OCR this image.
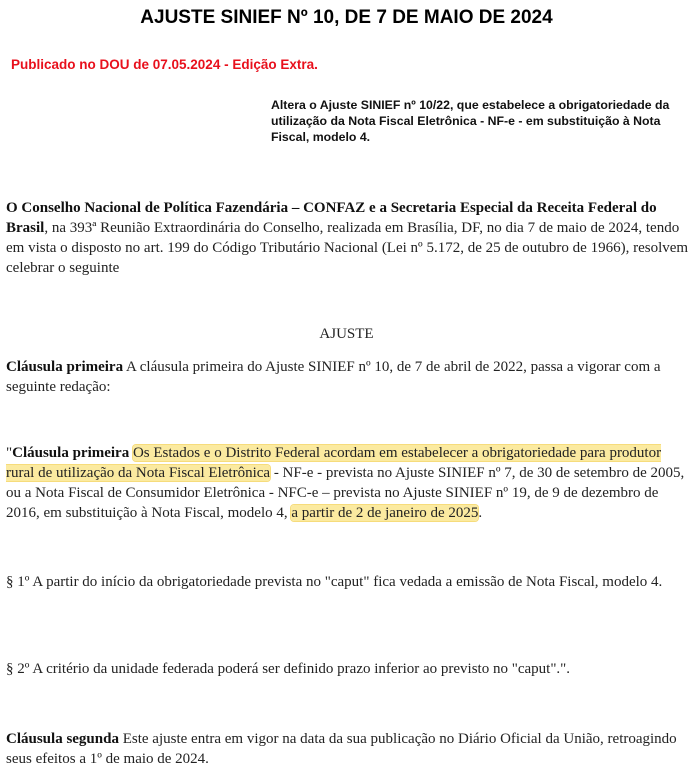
AJUSTE SINIEF Nº 10, DE 7 DE MAIO DE 2024
Publicado no DOU de 07.05.2024 - Edição Extra.
Altera o Ajuste SINIEF nº 10/22, que estabelece a obrigatoriedade da utilização da Nota Fiscal Eletrônica - NF-e - em substituição à Nota Fiscal, modelo 4.
O Conselho Nacional de Política Fazendária – CONFAZ e a Secretaria Especial da Receita Federal do Brasil, na 393ª Reunião Extraordinária do Conselho, realizada em Brasília, DF, no dia 7 de maio de 2024, tendo em vista o disposto no art. 199 do Código Tributário Nacional (Lei nº 5.172, de 25 de outubro de 1966), resolvem celebrar o seguinte
AJUSTE
Cláusula primeira A cláusula primeira do Ajuste SINIEF nº 10, de 7 de abril de 2022, passa a vigorar com a seguinte redação:
"Cláusula primeira Os Estados e o Distrito Federal acordam em estabelecer a obrigatoriedade para produtor rural de utilização da Nota Fiscal Eletrônica - NF-e - prevista no Ajuste SINIEF nº 7, de 30 de setembro de 2005, ou a Nota Fiscal de Consumidor Eletrônica - NFC-e – prevista no Ajuste SINIEF nº 19, de 9 de dezembro de 2016, em substituição à Nota Fiscal, modelo 4, a partir de 2 de janeiro de 2025.
§ 1º A partir do início da obrigatoriedade prevista no "caput" fica vedada a emissão de Nota Fiscal, modelo 4.
§ 2º A critério da unidade federada poderá ser definido prazo inferior ao previsto no "caput".".
Cláusula segunda Este ajuste entra em vigor na data da sua publicação no Diário Oficial da União, retroagindo seus efeitos a 1º de maio de 2024.
